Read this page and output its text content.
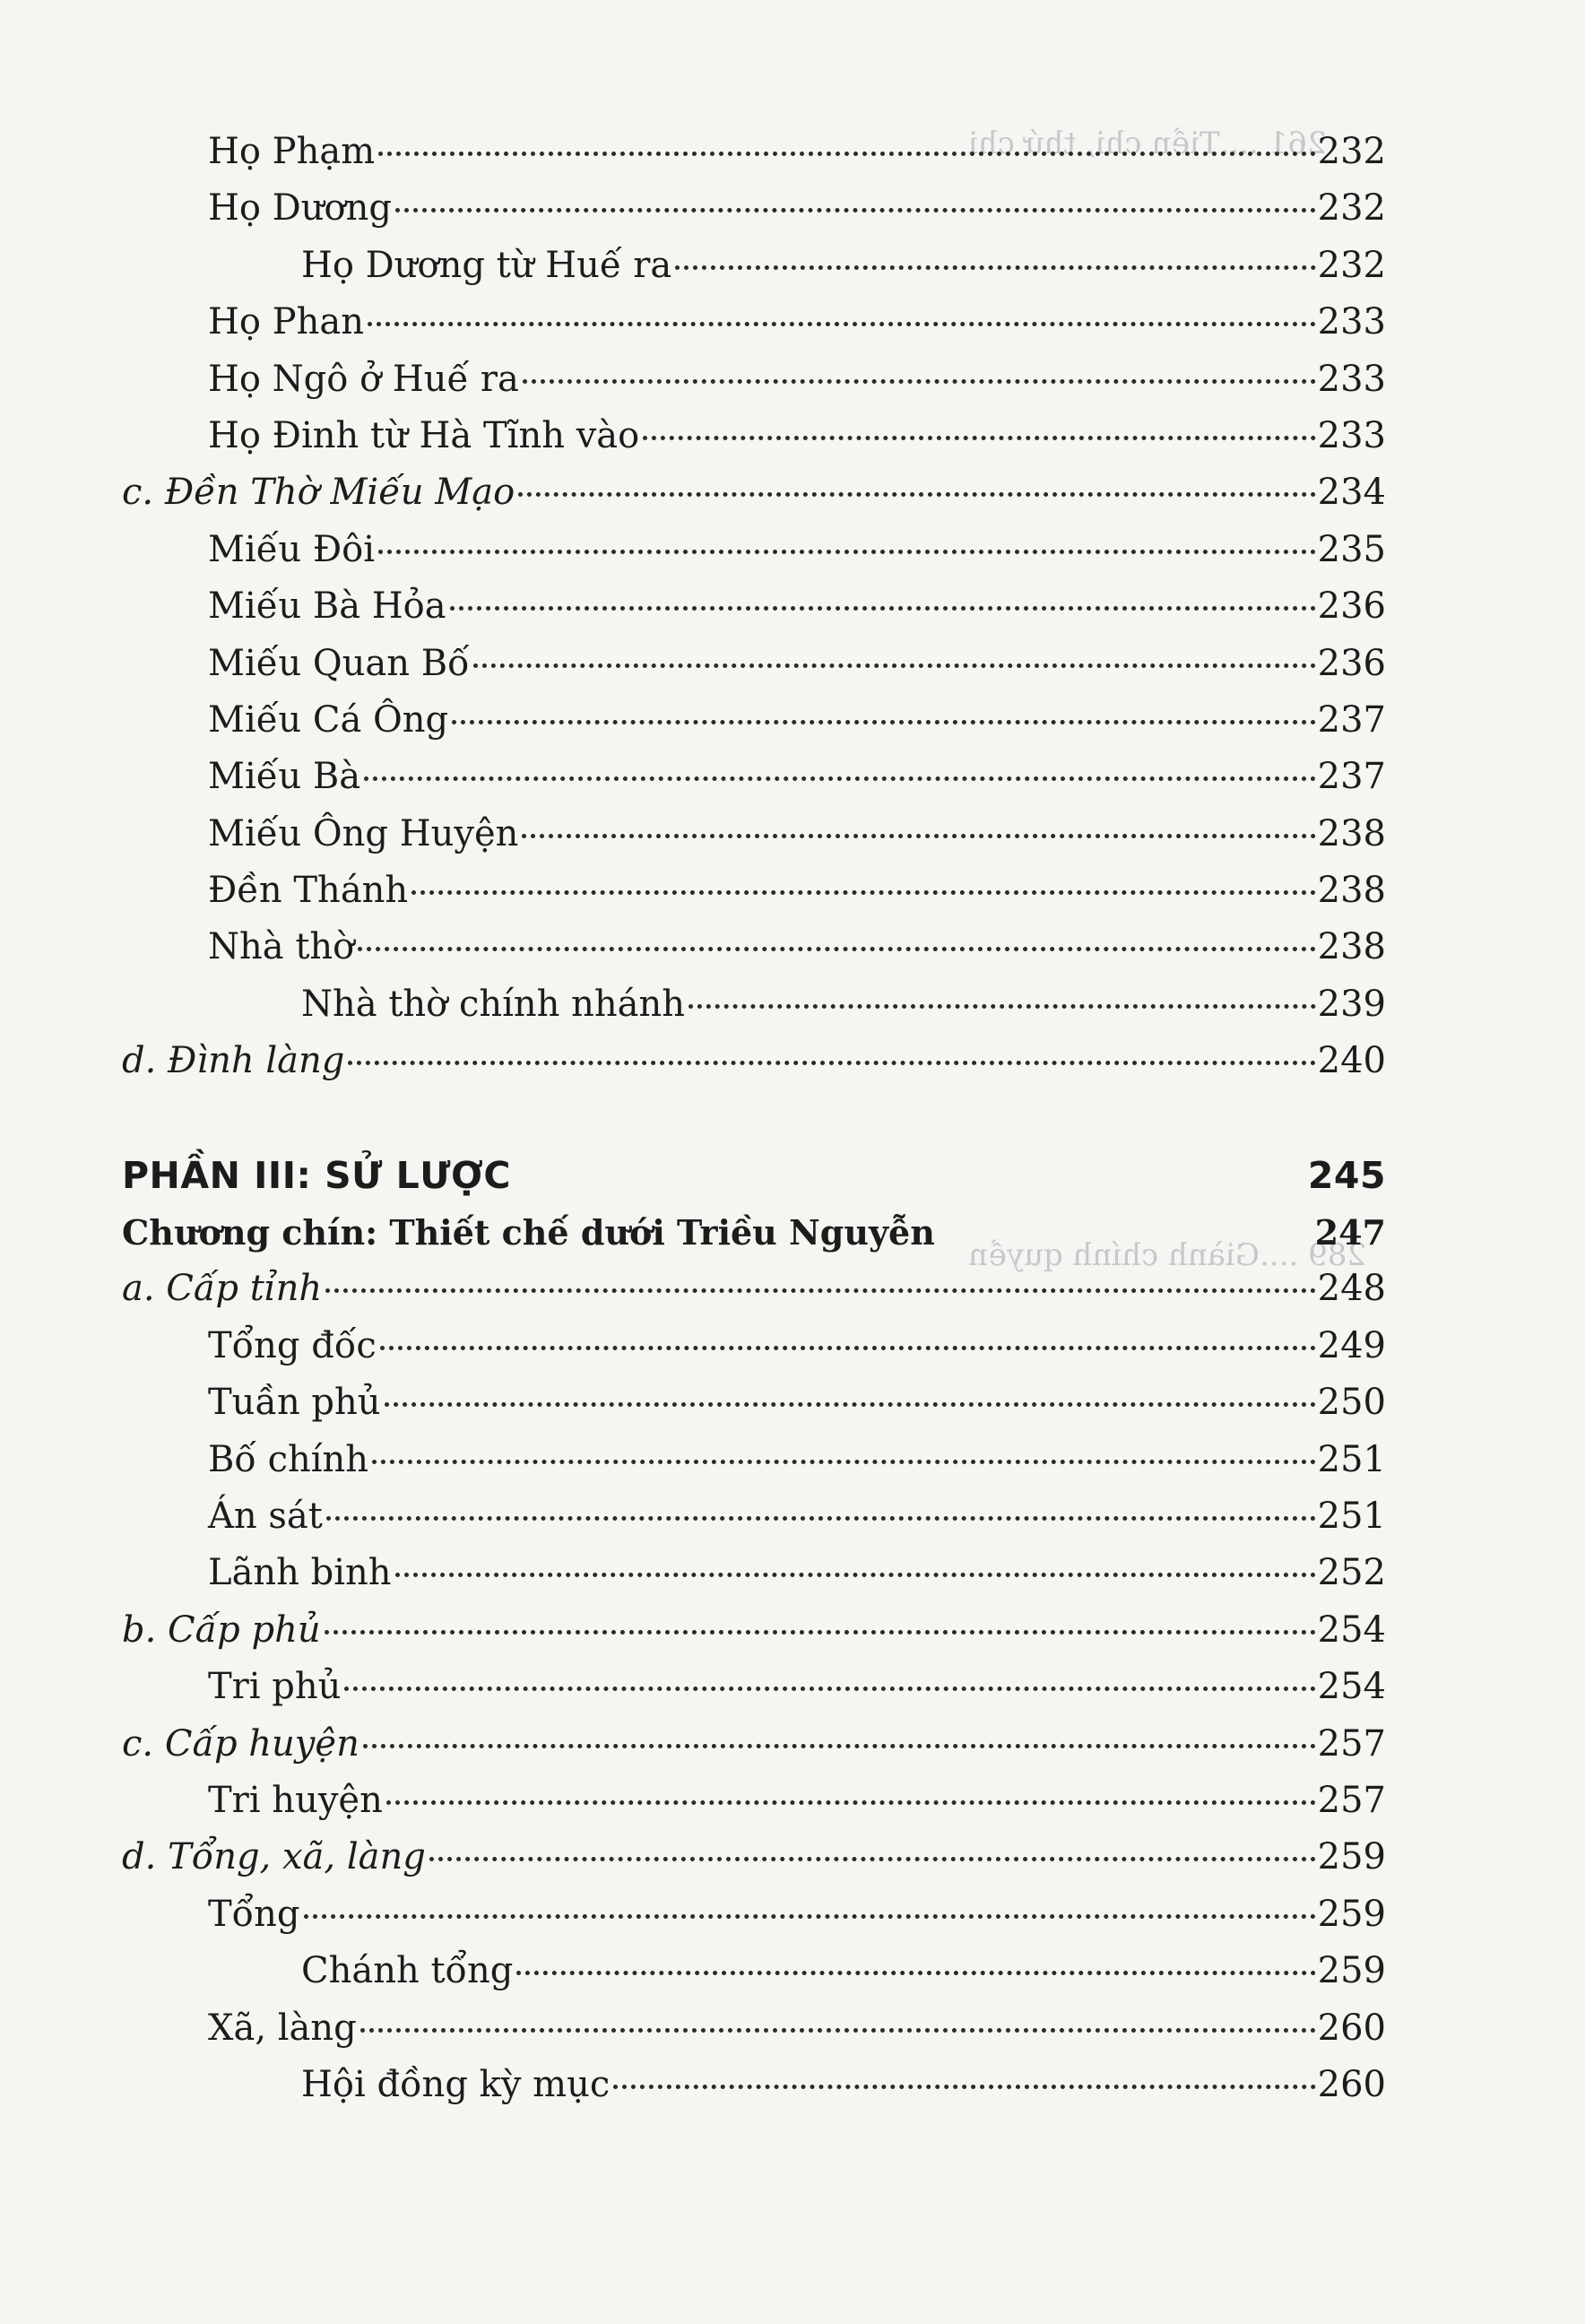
261 ....Tiền chi, thứ chi
289 ....Giành chính quyền
Họ Phạm	232
Họ Dương	232
Họ Dương từ Huế ra	232
Họ Phan	233
Họ Ngô ở Huế ra	233
Họ Đinh từ Hà Tĩnh vào	233
c. Đền Thờ Miếu Mạo	234
Miếu Đôi	235
Miếu Bà Hỏa	236
Miếu Quan Bố	236
Miếu Cá Ông	237
Miếu Bà	237
Miếu Ông Huyện	238
Đền Thánh	238
Nhà thờ	238
Nhà thờ chính nhánh	239
d. Đình làng	240
PHẦN III: SỬ LƯỢC	245
Chương chín: Thiết chế dưới Triều Nguyễn	247
a. Cấp tỉnh	248
Tổng đốc	249
Tuần phủ	250
Bố chính	251
Án sát	251
Lãnh binh	252
b. Cấp phủ	254
Tri phủ	254
c. Cấp huyện	257
Tri huyện	257
d. Tổng, xã, làng	259
Tổng	259
Chánh tổng	259
Xã, làng	260
Hội đồng kỳ mục	260
